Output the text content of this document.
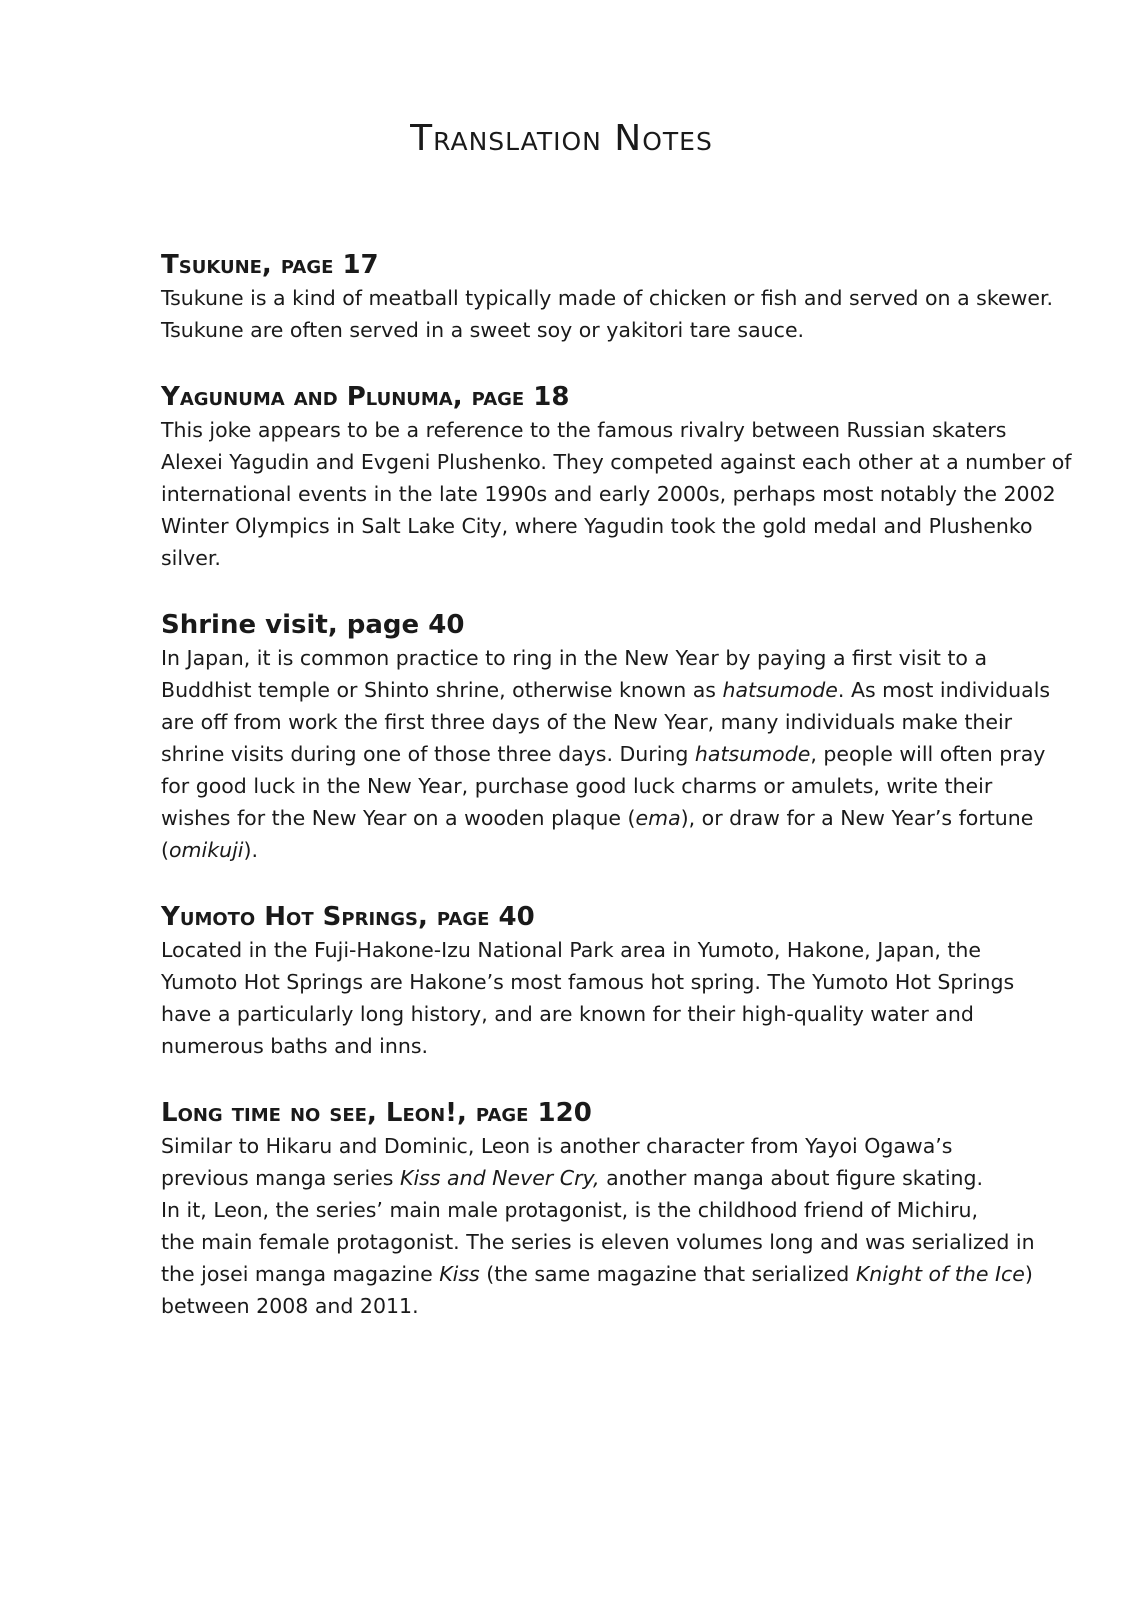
Translation Notes
Tsukune, page 17

Tsukune is a kind of meatball typically made of chicken or fish and served on a skewer.
Tsukune are often served in a sweet soy or yakitori tare sauce.

Yagunuma and Plunuma, page 18

This joke appears to be a reference to the famous rivalry between Russian skaters
Alexei Yagudin and Evgeni Plushenko. They competed against each other at a number of
international events in the late 1990s and early 2000s, perhaps most notably the 2002
Winter Olympics in Salt Lake City, where Yagudin took the gold medal and Plushenko
silver.

Shrine visit, page 40

In Japan, it is common practice to ring in the New Year by paying a first visit to a
Buddhist temple or Shinto shrine, otherwise known as hatsumode. As most individuals
are off from work the first three days of the New Year, many individuals make their
shrine visits during one of those three days. During hatsumode, people will often pray
for good luck in the New Year, purchase good luck charms or amulets, write their
wishes for the New Year on a wooden plaque (ema), or draw for a New Year’s fortune
(omikuji).

Yumoto Hot Springs, page 40

Located in the Fuji-Hakone-Izu National Park area in Yumoto, Hakone, Japan, the
Yumoto Hot Springs are Hakone’s most famous hot spring. The Yumoto Hot Springs
have a particularly long history, and are known for their high-quality water and
numerous baths and inns.

Long time no see, Leon!, page 120

Similar to Hikaru and Dominic, Leon is another character from Yayoi Ogawa’s
previous manga series Kiss and Never Cry, another manga about figure skating.
In it, Leon, the series’ main male protagonist, is the childhood friend of Michiru,
the main female protagonist. The series is eleven volumes long and was serialized in
the josei manga magazine Kiss (the same magazine that serialized Knight of the Ice)
between 2008 and 2011.
